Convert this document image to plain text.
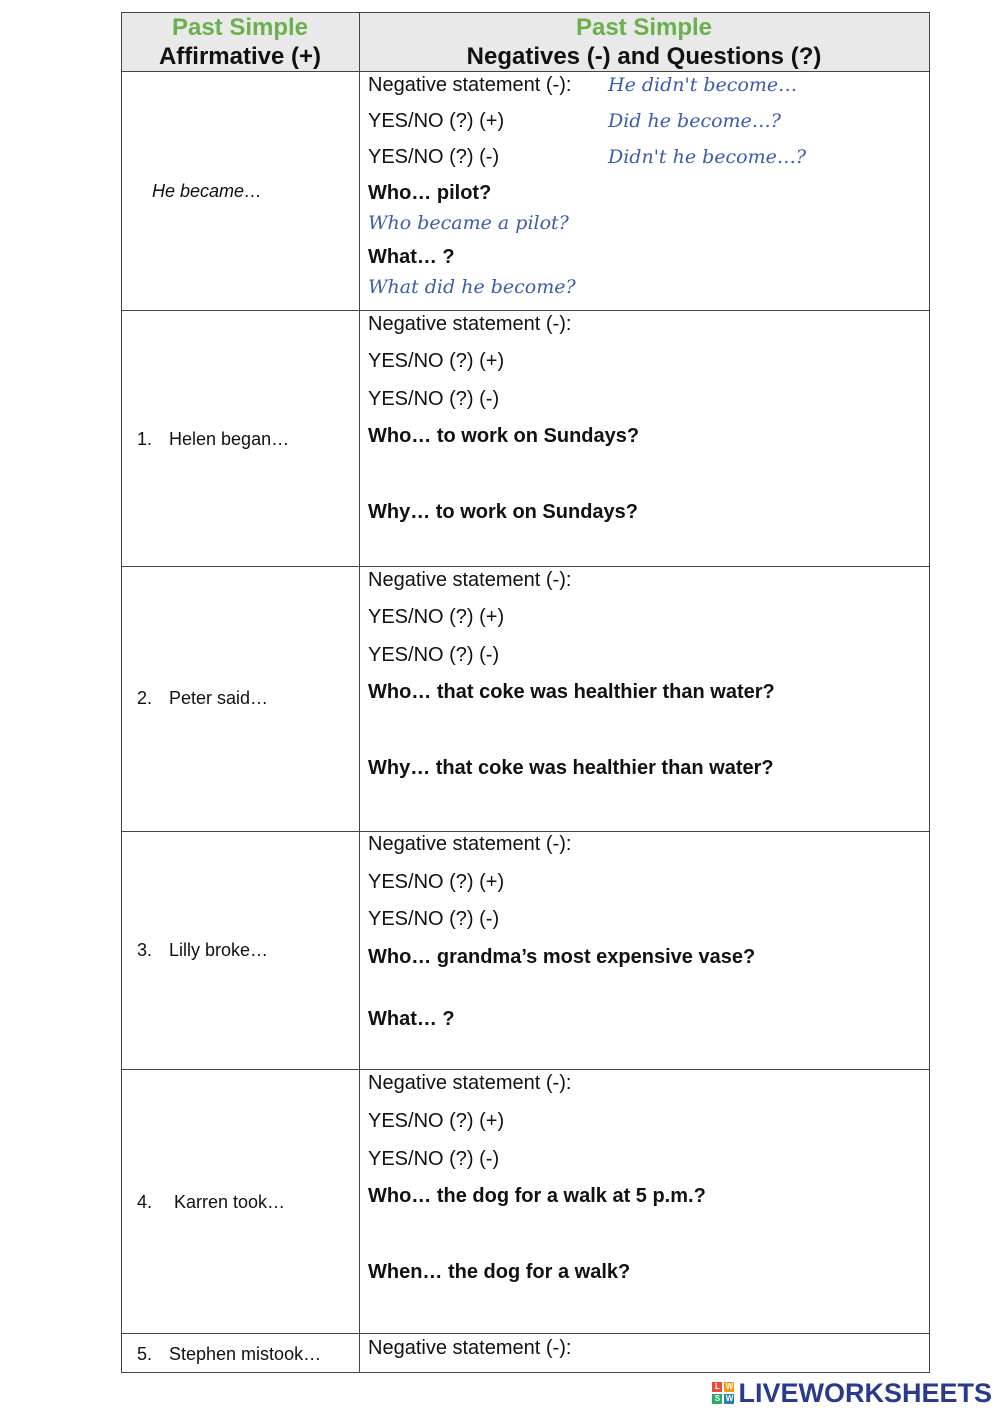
Past Simple
Affirmative (+)
Past Simple
Negatives (-) and Questions (?)
He became…
Negative statement (-): He didn't become…
YES/NO (?) (+)	Did he become…?
YES/NO (?) (-)	Didn't he become…?
Who… pilot?
Who became a pilot?
What… ?
What did he become?
1. Helen began…
Negative statement (-):
YES/NO (?) (+)
YES/NO (?) (-)
Who… to work on Sundays?
Why… to work on Sundays?
2. Peter said…
Negative statement (-):
YES/NO (?) (+)
YES/NO (?) (-)
Who… that coke was healthier than water?
Why… that coke was healthier than water?
3. Lilly broke…
Negative statement (-):
YES/NO (?) (+)
YES/NO (?) (-)
Who… grandma’s most expensive vase?
What… ?
4. Karren took…
Negative statement (-):
YES/NO (?) (+)
YES/NO (?) (-)
Who… the dog for a walk at 5 p.m.?
When… the dog for a walk?
5. Stephen mistook… Negative statement (-):
L W
S W LIVEWORKSHEETS
